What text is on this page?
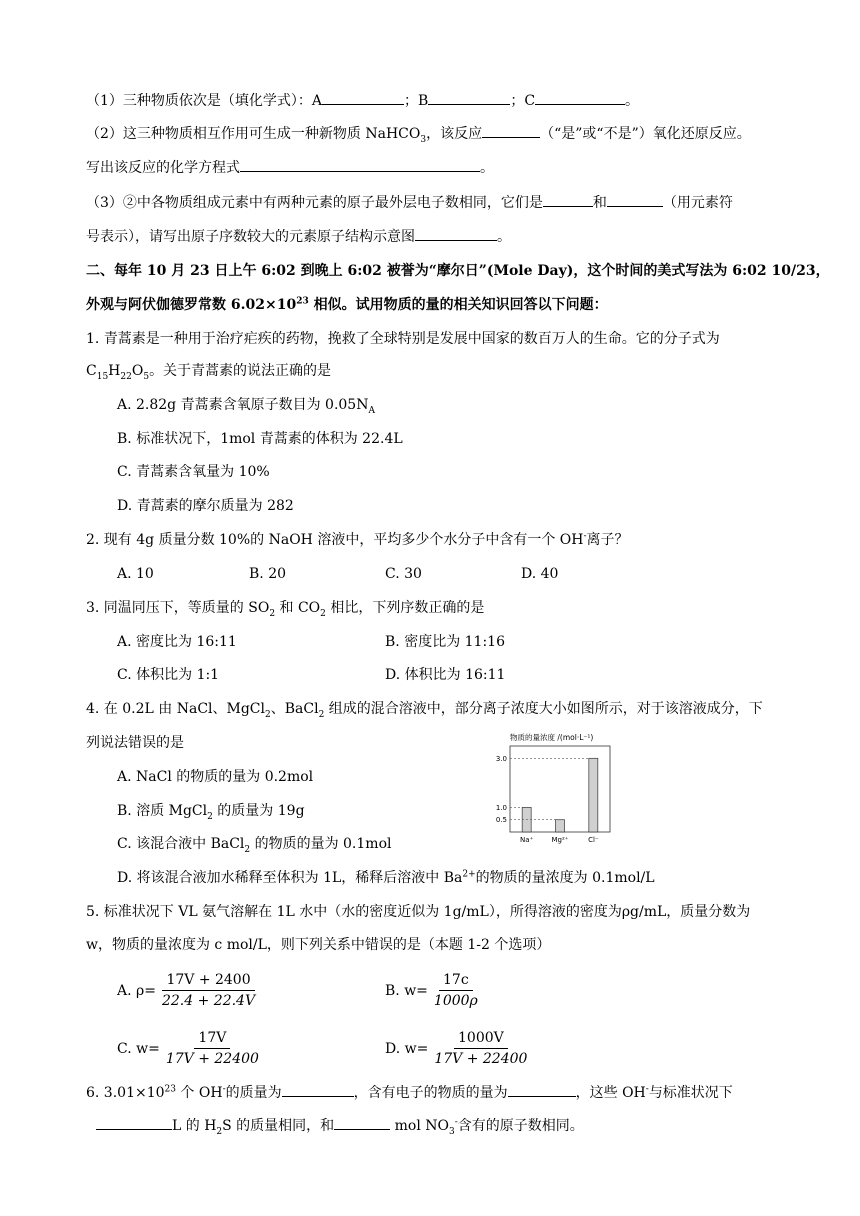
（1）三种物质依次是（填化学式）：A	；B	；C	。
（2）这三种物质相互作用可生成一种新物质 NaHCO$_3$，该反应	（“是”或“不是”）氧化还原反应。
写出该反应的化学方程式	。
（3）②中各物质组成元素中有两种元素的原子最外层电子数相同，它们是	和	（用元素符
号表示），请写出原子序数较大的元素原子结构示意图	。
二、每年 10 月 23 日上午 6:02 到晚上 6:02 被誉为“摩尔日”(Mole Day)，这个时间的美式写法为 6:02 10/23，
外观与阿伏伽德罗常数 $6.02\times 10^{23}$ 相似。试用物质的量的相关知识回答以下问题：
1. 青蒿素是一种用于治疗疟疾的药物，挽救了全球特别是发展中国家的数百万人的生命。它的分子式为
$C_{15}H_{22}O_5$。关于青蒿素的说法正确的是
A. 2.82g 青蒿素含氧原子数目为 $0.05N_A$
B. 标准状况下，1mol 青蒿素的体积为 22.4L
C. 青蒿素含氧量为 10%
D. 青蒿素的摩尔质量为 282
2. 现有 4g 质量分数 10%的 NaOH 溶液中，平均多少个水分子中含有一个 OH-离子？
A. 10	B. 20	C. 30	D. 40
3. 同温同压下，等质量的 $SO_2$ 和 $CO_2$ 相比，下列序数正确的是
A. 密度比为 16:11	B. 密度比为 11:16
C. 体积比为 1:1	D. 体积比为 16:11
4. 在 0.2L 由 NaCl、MgCl$_2$、BaCl$_2$ 组成的混合溶液中，部分离子浓度大小如图所示，对于该溶液成分，下
列说法错误的是
A. NaCl 的物质的量为 0.2mol
B. 溶质 MgCl$_2$ 的质量为 19g
C. 该混合液中 BaCl$_2$ 的物质的量为 0.1mol
D. 将该混合液加水稀释至体积为 1L，稀释后溶液中 $Ba^{2+}$的物质的量浓度为 0.1mol/L
物质的量浓度 /(mol·L⁻¹)
0.5
1.0
3.0
Na⁺	Mg²⁺	Cl⁻
5. 标准状况下 VL 氨气溶解在 1L 水中（水的密度近似为 1g/mL），所得溶液的密度为ρg/mL，质量分数为
w，物质的量浓度为 c mol/L，则下列关系中错误的是（本题 1-2 个选项）
A. $\rho= \frac{17V + 2400}{22.4 + 22.4V}$	B. $w= \frac{17c}{1000\rho}$
C. $w= \frac{17V}{17V + 22400}$	D. $w= \frac{1000V}{17V + 22400}$
6. $3.01\times 10^{23}$ 个 OH-的质量为	，含有电子的物质的量为	，这些 OH-与标准状况下
L 的 $H_2S$ 的质量相同，和	mol $NO_3^-$含有的原子数相同。
